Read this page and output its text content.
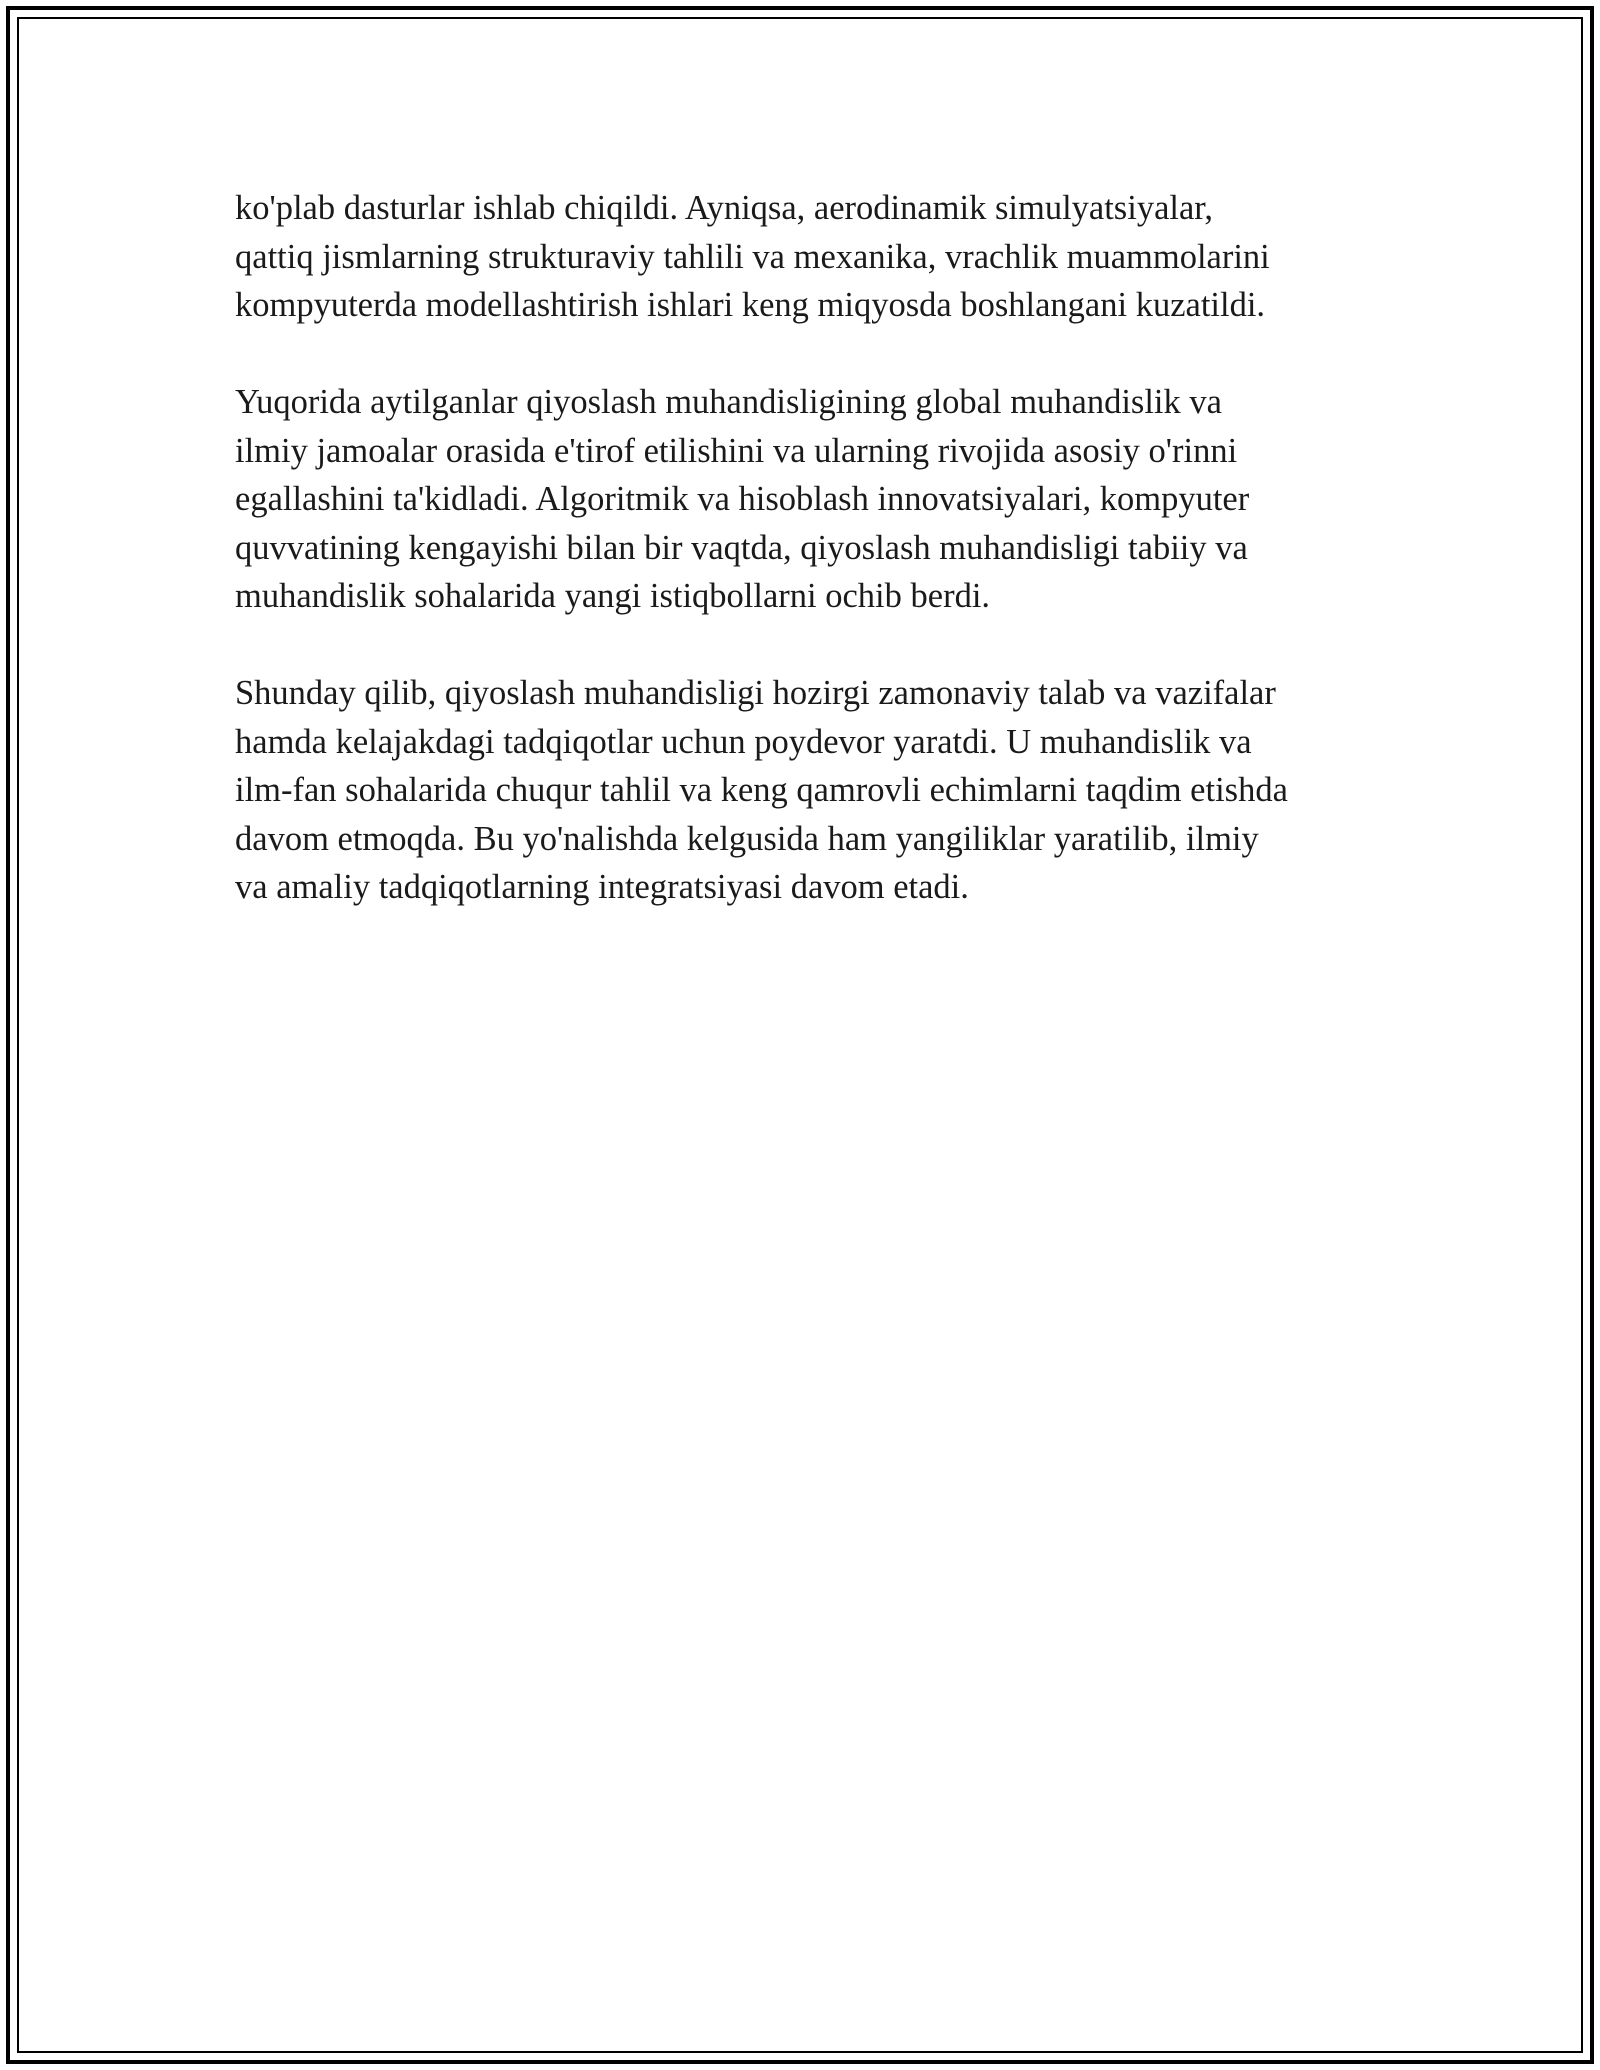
ko'plab dasturlar ishlab chiqildi. Ayniqsa, aerodinamik simulyatsiyalar,
qattiq jismlarning strukturaviy tahlili va mexanika, vrachlik muammolarini
kompyuterda modellashtirish ishlari keng miqyosda boshlangani kuzatildi.

Yuqorida aytilganlar qiyoslash muhandisligining global muhandislik va
ilmiy jamoalar orasida e'tirof etilishini va ularning rivojida asosiy o'rinni
egallashini ta'kidladi. Algoritmik va hisoblash innovatsiyalari, kompyuter
quvvatining kengayishi bilan bir vaqtda, qiyoslash muhandisligi tabiiy va
muhandislik sohalarida yangi istiqbollarni ochib berdi.

Shunday qilib, qiyoslash muhandisligi hozirgi zamonaviy talab va vazifalar
hamda kelajakdagi tadqiqotlar uchun poydevor yaratdi. U muhandislik va
ilm-fan sohalarida chuqur tahlil va keng qamrovli echimlarni taqdim etishda
davom etmoqda. Bu yo'nalishda kelgusida ham yangiliklar yaratilib, ilmiy
va amaliy tadqiqotlarning integratsiyasi davom etadi.
